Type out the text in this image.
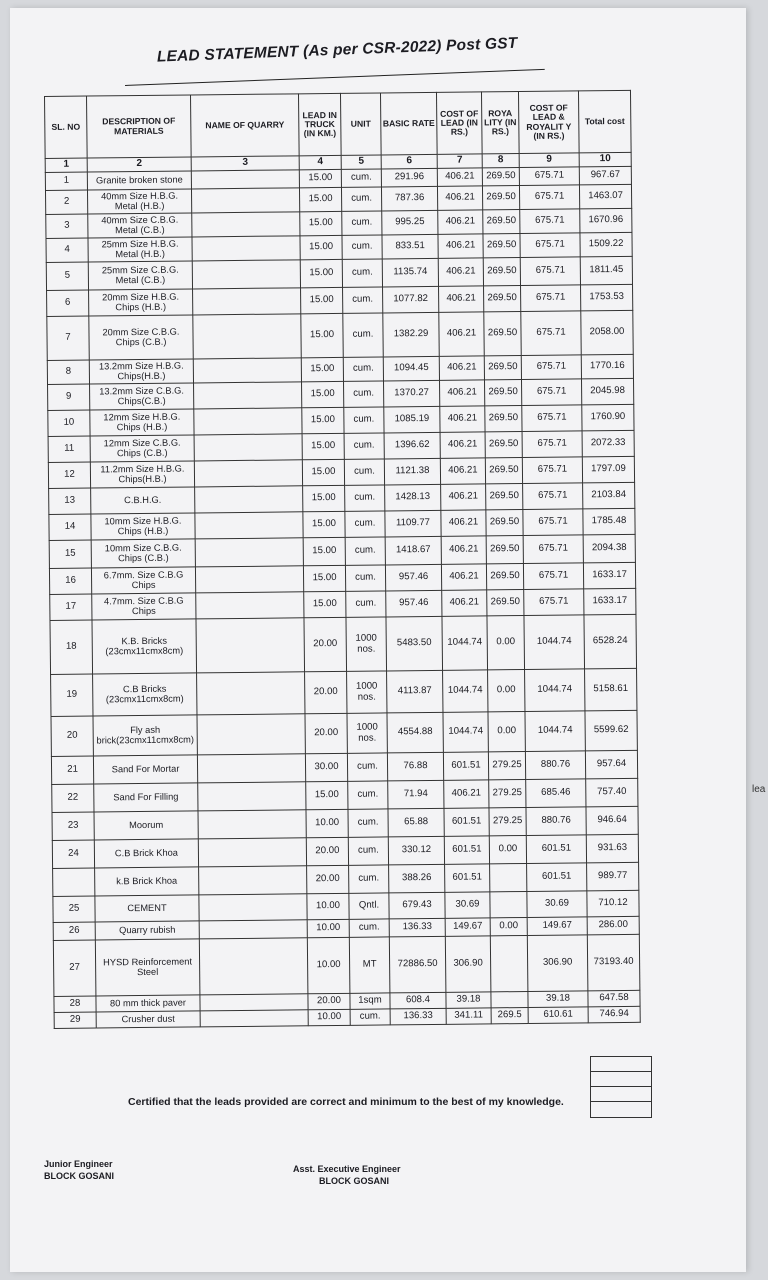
LEAD STATEMENT (As per CSR-2022) Post GST
SL. NO	DESCRIPTION OF MATERIALS	NAME OF QUARRY	LEAD IN TRUCK (IN KM.)	UNIT	BASIC RATE	COST OF LEAD (IN RS.)	ROYA LITY (IN RS.)	COST OF LEAD & ROYALIT Y (IN RS.)	Total cost
1	2	3	4	5	6	7	8	9	10
1	Granite broken stone		15.00	cum.	291.96	406.21	269.50	675.71	967.67
2	40mm Size H.B.G. Metal (H.B.)		15.00	cum.	787.36	406.21	269.50	675.71	1463.07
3	40mm Size C.B.G. Metal (C.B.)		15.00	cum.	995.25	406.21	269.50	675.71	1670.96
4	25mm Size H.B.G. Metal (H.B.)		15.00	cum.	833.51	406.21	269.50	675.71	1509.22
5	25mm Size C.B.G. Metal (C.B.)		15.00	cum.	1135.74	406.21	269.50	675.71	1811.45
6	20mm Size H.B.G. Chips (H.B.)		15.00	cum.	1077.82	406.21	269.50	675.71	1753.53
7	20mm Size C.B.G. Chips (C.B.)		15.00	cum.	1382.29	406.21	269.50	675.71	2058.00
8	13.2mm Size H.B.G. Chips(H.B.)		15.00	cum.	1094.45	406.21	269.50	675.71	1770.16
9	13.2mm Size C.B.G. Chips(C.B.)		15.00	cum.	1370.27	406.21	269.50	675.71	2045.98
10	12mm Size H.B.G. Chips (H.B.)		15.00	cum.	1085.19	406.21	269.50	675.71	1760.90
11	12mm Size C.B.G. Chips (C.B.)		15.00	cum.	1396.62	406.21	269.50	675.71	2072.33
12	11.2mm Size H.B.G. Chips(H.B.)		15.00	cum.	1121.38	406.21	269.50	675.71	1797.09
13	C.B.H.G.		15.00	cum.	1428.13	406.21	269.50	675.71	2103.84
14	10mm Size H.B.G. Chips (H.B.)		15.00	cum.	1109.77	406.21	269.50	675.71	1785.48
15	10mm Size C.B.G. Chips (C.B.)		15.00	cum.	1418.67	406.21	269.50	675.71	2094.38
16	6.7mm. Size C.B.G Chips		15.00	cum.	957.46	406.21	269.50	675.71	1633.17
17	4.7mm. Size C.B.G Chips		15.00	cum.	957.46	406.21	269.50	675.71	1633.17
18	K.B. Bricks (23cmx11cmx8cm)		20.00	1000 nos.	5483.50	1044.74	0.00	1044.74	6528.24
19	C.B Bricks (23cmx11cmx8cm)		20.00	1000 nos.	4113.87	1044.74	0.00	1044.74	5158.61
20	Fly ash brick(23cmx11cmx8cm)		20.00	1000 nos.	4554.88	1044.74	0.00	1044.74	5599.62
21	Sand For Mortar		30.00	cum.	76.88	601.51	279.25	880.76	957.64
22	Sand For Filling		15.00	cum.	71.94	406.21	279.25	685.46	757.40
23	Moorum		10.00	cum.	65.88	601.51	279.25	880.76	946.64
24	C.B Brick Khoa		20.00	cum.	330.12	601.51	0.00	601.51	931.63
	k.B Brick Khoa		20.00	cum.	388.26	601.51		601.51	989.77
25	CEMENT		10.00	Qntl.	679.43	30.69		30.69	710.12
26	Quarry rubish		10.00	cum.	136.33	149.67	0.00	149.67	286.00
27	HYSD Reinforcement Steel		10.00	MT	72886.50	306.90		306.90	73193.40
28	80 mm thick paver		20.00	1sqm	608.4	39.18		39.18	647.58
29	Crusher dust		10.00	cum.	136.33	341.11	269.5	610.61	746.94
Certified that the leads provided are correct and minimum to the best of my knowledge.
Junior Engineer
BLOCK GOSANI
Asst. Executive Engineer
BLOCK GOSANI
lea
